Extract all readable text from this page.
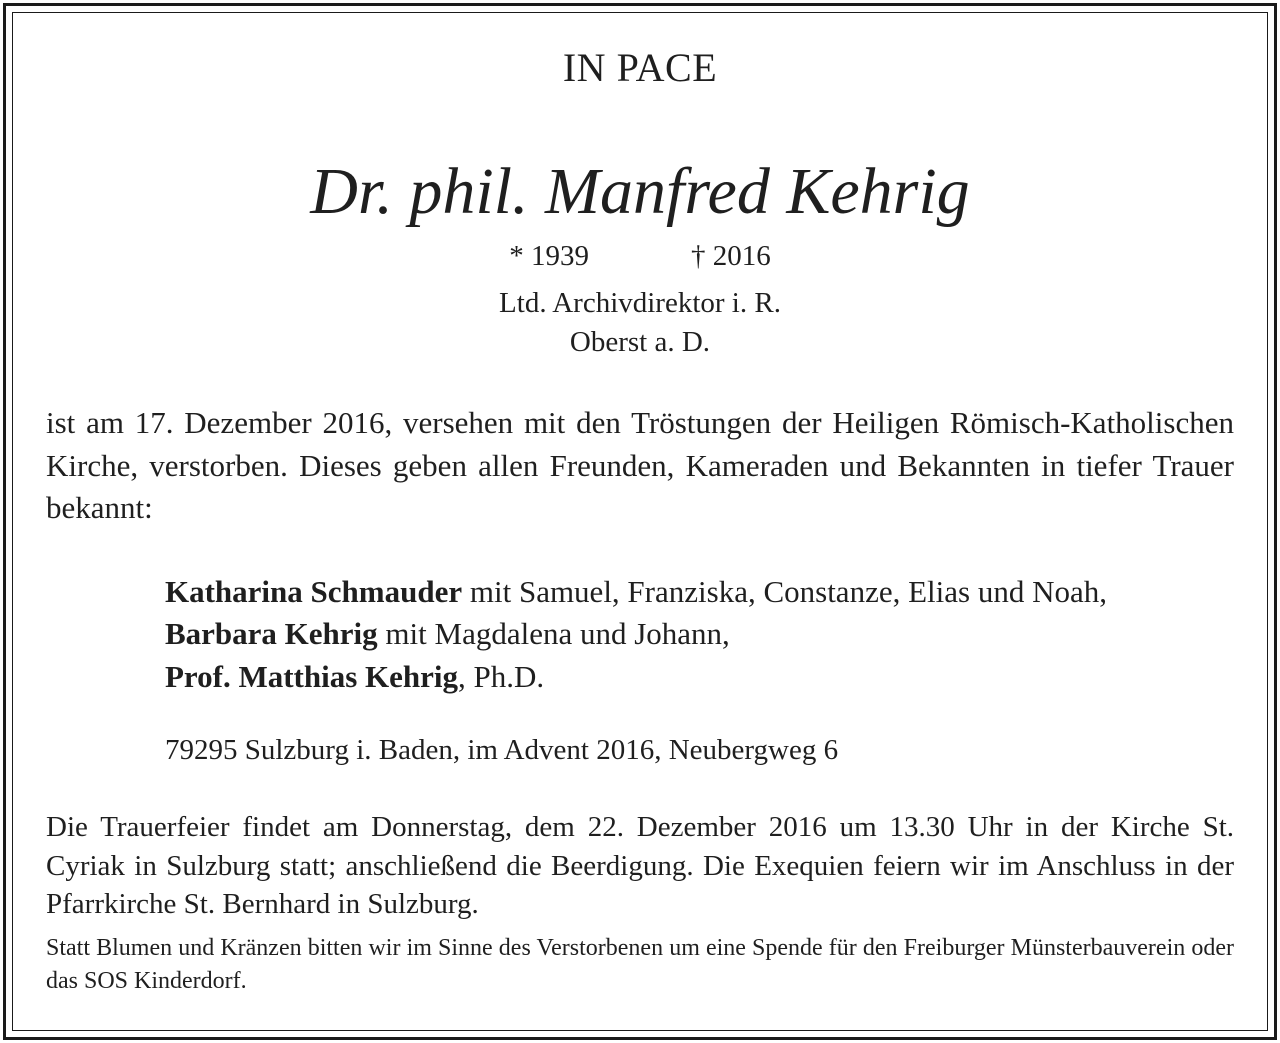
IN PACE
Dr. phil. Manfred Kehrig
* 1939	† 2016
Ltd. Archivdirektor i. R.
Oberst a. D.
ist am 17. Dezember 2016, versehen mit den Tröstungen der Heiligen Römisch-Katholischen Kirche, verstorben. Dieses geben allen Freunden, Kameraden und Bekannten in tiefer Trauer bekannt:
Katharina Schmauder mit Samuel, Franziska, Constanze, Elias und Noah,
Barbara Kehrig mit Magdalena und Johann,
Prof. Matthias Kehrig, Ph.D.
79295 Sulzburg i. Baden, im Advent 2016, Neubergweg 6
Die Trauerfeier findet am Donnerstag, dem 22. Dezember 2016 um 13.30 Uhr in der Kirche St. Cyriak in Sulzburg statt; anschließend die Beerdigung. Die Exequien feiern wir im Anschluss in der Pfarrkirche St. Bernhard in Sulzburg.
Statt Blumen und Kränzen bitten wir im Sinne des Verstorbenen um eine Spende für den Freiburger Münsterbauverein oder das SOS Kinderdorf.
